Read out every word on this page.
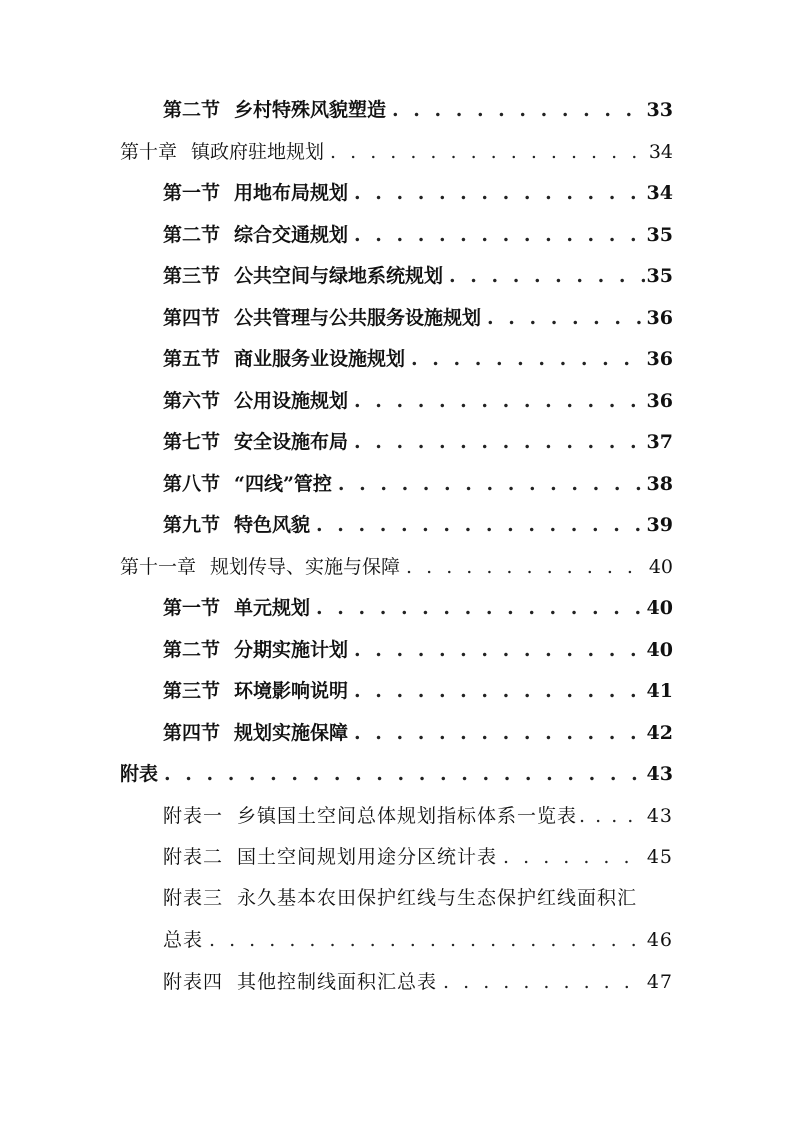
第二节 乡村特殊风貌塑造 . . .	33
第十章 镇政府驻地规划 . . .	34
第一节 用地布局规划 . . .	34
第二节 综合交通规划 . . .	35
第三节 公共空间与绿地系统规划 . . .	35
第四节 公共管理与公共服务设施规划 . . .	36
第五节 商业服务业设施规划 . . .	36
第六节 公用设施规划 . . .	36
第七节 安全设施布局 . . .	37
第八节 “四线”管控 . . .	38
第九节 特色风貌 . . .	39
第十一章 规划传导、实施与保障 . . .	40
第一节 单元规划 . . .	40
第二节 分期实施计划 . . .	40
第三节 环境影响说明 . . .	41
第四节 规划实施保障 . . .	42
附表 . . .	43
附表一 乡镇国土空间总体规划指标体系一览表 . . .	43
附表二 国土空间规划用途分区统计表 . . .	45
附表三 永久基本农田保护红线与生态保护红线面积汇
总表 . . .	46
附表四 其他控制线面积汇总表 . . .	47
